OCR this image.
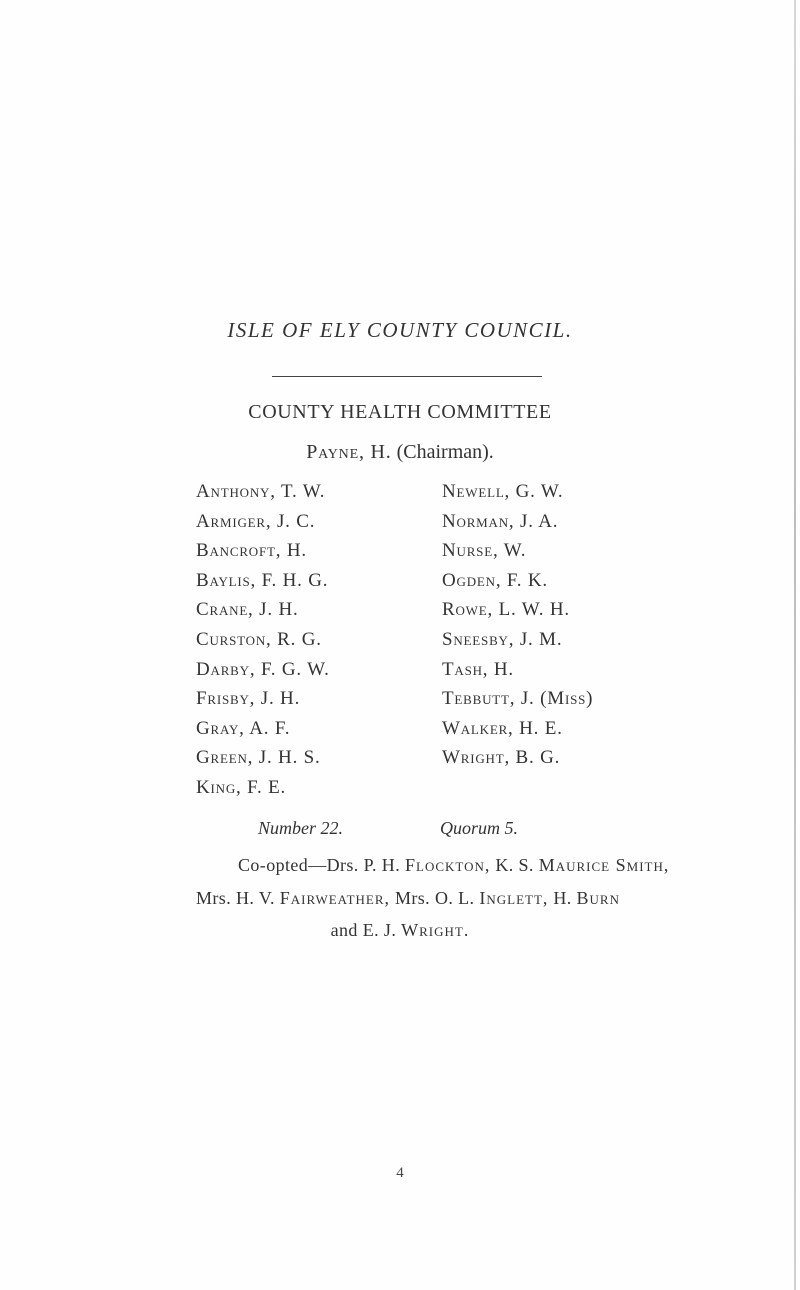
ISLE OF ELY COUNTY COUNCIL.
COUNTY HEALTH COMMITTEE
Payne, H. (Chairman).
Anthony, T. W.
Armiger, J. C.
Bancroft, H.
Baylis, F. H. G.
Crane, J. H.
Curston, R. G.
Darby, F. G. W.
Frisby, J. H.
Gray, A. F.
Green, J. H. S.
King, F. E.
Newell, G. W.
Norman, J. A.
Nurse, W.
Ogden, F. K.
Rowe, L. W. H.
Sneesby, J. M.
Tash, H.
Tebbutt, J. (Miss)
Walker, H. E.
Wright, B. G.
Number 22.	Quorum 5.
Co-opted—Drs. P. H. Flockton, K. S. Maurice Smith,
Mrs. H. V. Fairweather, Mrs. O. L. Inglett, H. Burn
and E. J. Wright.
4
